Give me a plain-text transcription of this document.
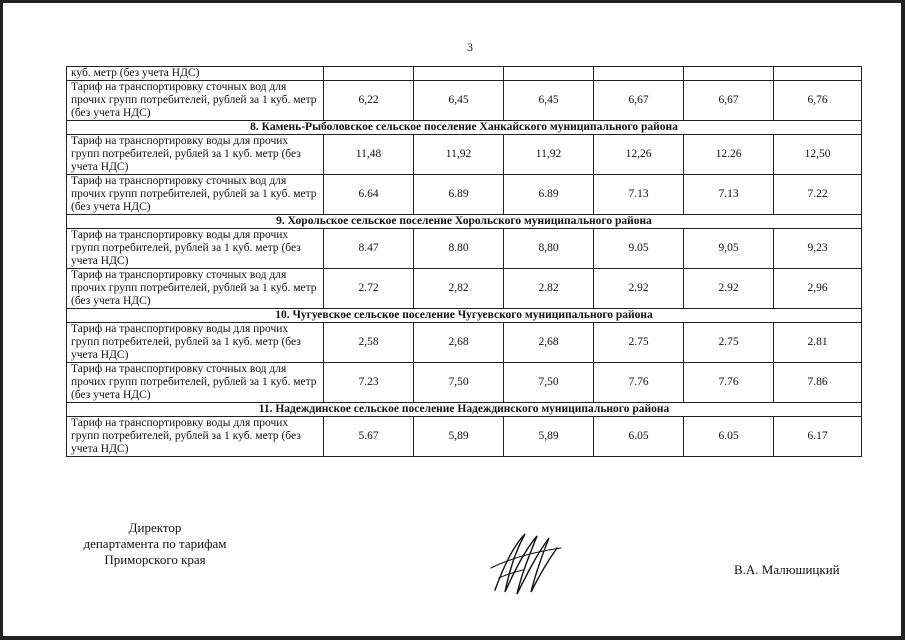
3
куб. метр (без учета НДС)						
Тариф на транспортировку сточных вод для прочих групп потребителей, рублей за 1 куб. метр (без учета НДС)	6,22	6,45	6,45	6,67	6,67	6,76
8. Камень-Рыболовское сельское поселение Ханкайского муниципального района						
Тариф на транспортировку воды для прочих групп потребителей, рублей за 1 куб. метр (без учета НДС)	11,48	11,92	11,92	12,26	12.26	12,50
Тариф на транспортировку сточных вод для прочих групп потребителей, рублей за 1 куб. метр (без учета НДС)	6.64	6.89	6.89	7.13	7.13	7.22
9. Хорольское сельское поселение Хорольского муниципального района						
Тариф на транспортировку воды для прочих групп потребителей, рублей за 1 куб. метр (без учета НДС)	8.47	8.80	8,80	9.05	9,05	9,23
Тариф на транспортировку сточных вод для прочих групп потребителей, рублей за 1 куб. метр (без учета НДС)	2.72	2,82	2.82	2.92	2.92	2,96
10. Чугуевское сельское поселение Чугуевского муниципального района						
Тариф на транспортировку воды для прочих групп потребителей, рублей за 1 куб. метр (без учета НДС)	2,58	2,68	2,68	2.75	2.75	2.81
Тариф на транспортировку сточных вод для прочих групп потребителей, рублей за 1 куб. метр (без учета НДС)	7.23	7,50	7,50	7.76	7.76	7.86
11. Надеждинское сельское поселение Надеждинского муниципального района						
Тариф на транспортировку воды для прочих групп потребителей, рублей за 1 куб. метр (без учета НДС)	5.67	5,89	5,89	6.05	6.05	6.17
Директор
департамента по тарифам
Приморского края
В.А. Малюшицкий
